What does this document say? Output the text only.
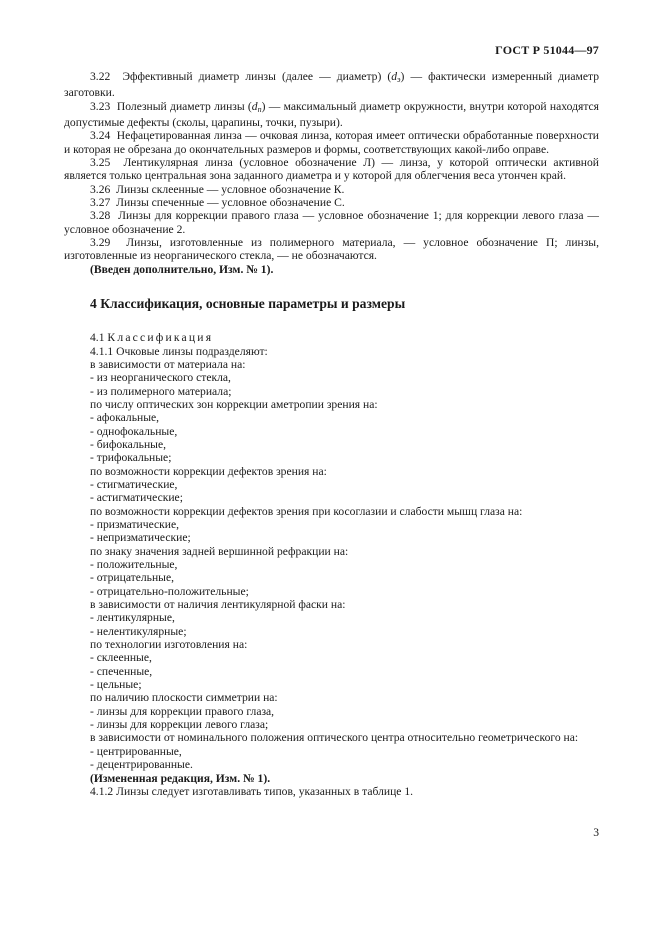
ГОСТ Р 51044—97

3.22 Эффективный диаметр линзы (далее — диаметр) $(d_э)$ — фактически измеренный диаметр заготовки.

3.23 Полезный диаметр линзы $(d_п)$ — максимальный диаметр окружности, внутри которой находятся допустимые дефекты (сколы, царапины, точки, пузыри).

3.24 Нефацетированная линза — очковая линза, которая имеет оптически обработанные поверхности и которая не обрезана до окончательных размеров и формы, соответствующих какой-либо оправе.

3.25 Лентикулярная линза (условное обозначение Л) — линза, у которой оптически активной является только центральная зона заданного диаметра и у которой для облегчения веса утончен край.

3.26 Линзы склеенные — условное обозначение К.

3.27 Линзы спеченные — условное обозначение С.

3.28 Линзы для коррекции правого глаза — условное обозначение 1; для коррекции левого глаза — условное обозначение 2.

3.29 Линзы, изготовленные из полимерного материала, — условное обозначение П; линзы, изготовленные из неорганического стекла, — не обозначаются.

(Введен дополнительно, Изм. № 1).

4 Классификация, основные параметры и размеры

4.1 Классификация

4.1.1 Очковые линзы подразделяют:

в зависимости от материала на:

- из неорганического стекла,

- из полимерного материала;

по числу оптических зон коррекции аметропии зрения на:

- афокальные,

- однофокальные,

- бифокальные,

- трифокальные;

по возможности коррекции дефектов зрения на:

- стигматические,

- астигматические;

по возможности коррекции дефектов зрения при косоглазии и слабости мышц глаза на:

- призматические,

- непризматические;

по знаку значения задней вершинной рефракции на:

- положительные,

- отрицательные,

- отрицательно-положительные;

в зависимости от наличия лентикулярной фаски на:

- лентикулярные,

- нелентикулярные;

по технологии изготовления на:

- склеенные,

- спеченные,

- цельные;

по наличию плоскости симметрии на:

- линзы для коррекции правого глаза,

- линзы для коррекции левого глаза;

в зависимости от номинального положения оптического центра относительно геометрического на:

- центрированные,

- децентрированные.

(Измененная редакция, Изм. № 1).

4.1.2 Линзы следует изготавливать типов, указанных в таблице 1.

3
